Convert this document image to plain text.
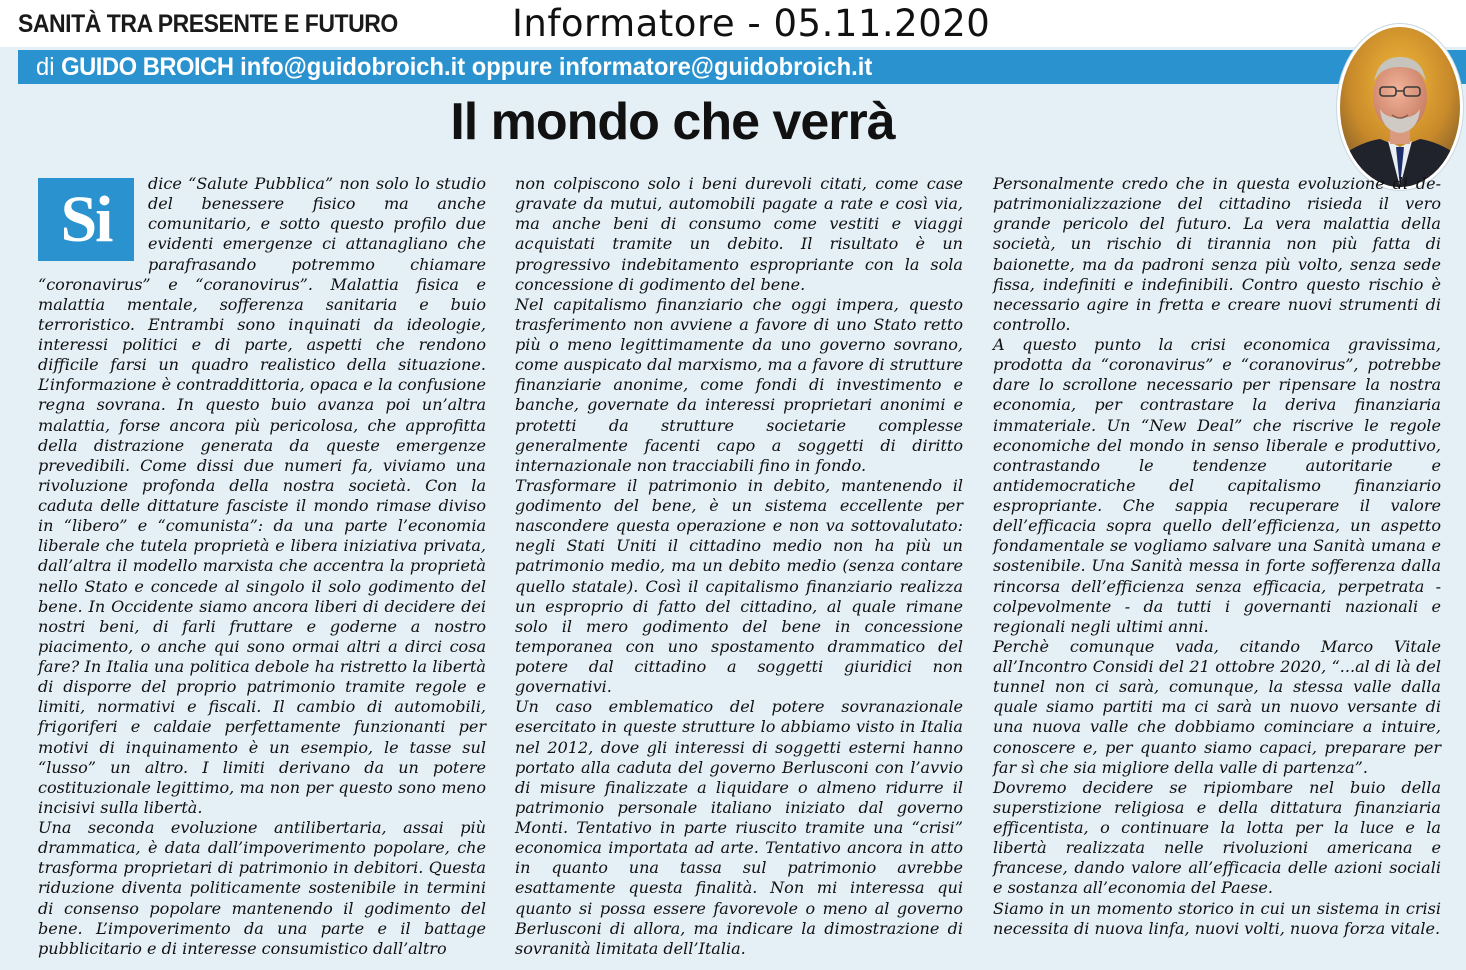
SANITÀ TRA PRESENTE E FUTURO	Informatore - 05.11.2020
di GUIDO BROICH info@guidobroich.it oppure informatore@guidobroich.it
Il mondo che verrà
Si	dice “Salute Pubblica” non solo lo studio del benessere fisico ma anche comunitario, e sotto questo profilo due evidenti emergenze ci attanagliano che parafrasando potremmo chiamare “coronavirus” e “coranovirus”. Malattia fisica e malattia mentale, sofferenza sanitaria e buio terroristico. Entrambi sono inquinati da ideologie, interessi politici e di parte, aspetti che rendono difficile farsi un quadro realistico della situazione. L’informazione è contraddittoria, opaca e la confusione regna sovrana. In questo buio avanza poi un’altra malattia, forse ancora più pericolosa, che approfitta della distrazione generata da queste emergenze prevedibili. Come dissi due numeri fa, viviamo una rivoluzione profonda della nostra società. Con la caduta delle dittature fasciste il mondo rimase diviso in “libero” e “comunista”: da una parte l’economia liberale che tutela proprietà e libera iniziativa privata, dall’altra il modello marxista che accentra la proprietà nello Stato e concede al singolo il solo godimento del bene. In Occidente siamo ancora liberi di decidere dei nostri beni, di farli fruttare e goderne a nostro piacimento, o anche qui sono ormai altri a dirci cosa fare? In Italia una politica debole ha ristretto la libertà di disporre del proprio patrimonio tramite regole e limiti, normativi e fiscali. Il cambio di automobili, frigoriferi e caldaie perfettamente funzionanti per motivi di inquinamento è un esempio, le tasse sul “lusso” un altro. I limiti derivano da un potere costituzionale legittimo, ma non per questo sono meno incisivi sulla libertà.

Una seconda evoluzione antilibertaria, assai più drammatica, è data dall’impoverimento popolare, che trasforma proprietari di patrimonio in debitori. Questa riduzione diventa politicamente sostenibile in termini di consenso popolare mantenendo il godimento del bene. L’impoverimento da una parte e il battage pubblicitario e di interesse consumistico dall’altro

non colpiscono solo i beni durevoli citati, come case gravate da mutui, automobili pagate a rate e così via, ma anche beni di consumo come vestiti e viaggi acquistati tramite un debito. Il risultato è un progressivo indebitamento espropriante con la sola concessione di godimento del bene.

Nel capitalismo finanziario che oggi impera, questo trasferimento non avviene a favore di uno Stato retto più o meno legittimamente da uno governo sovrano, come auspicato dal marxismo, ma a favore di strutture finanziarie anonime, come fondi di investimento e banche, governate da interessi proprietari anonimi e protetti da strutture societarie complesse generalmente facenti capo a soggetti di diritto internazionale non tracciabili fino in fondo.

Trasformare il patrimonio in debito, mantenendo il godimento del bene, è un sistema eccellente per nascondere questa operazione e non va sottovalutato: negli Stati Uniti il cittadino medio non ha più un patrimonio medio, ma un debito medio (senza contare quello statale). Così il capitalismo finanziario realizza un esproprio di fatto del cittadino, al quale rimane solo il mero godimento del bene in concessione temporanea con uno spostamento drammatico del potere dal cittadino a soggetti giuridici non governativi.

Un caso emblematico del potere sovranazionale esercitato in queste strutture lo abbiamo visto in Italia nel 2012, dove gli interessi di soggetti esterni hanno portato alla caduta del governo Berlusconi con l’avvio di misure finalizzate a liquidare o almeno ridurre il patrimonio personale italiano iniziato dal governo Monti. Tentativo in parte riuscito tramite una “crisi” economica importata ad arte. Tentativo ancora in atto in quanto una tassa sul patrimonio avrebbe esattamente questa finalità. Non mi interessa qui quanto si possa essere favorevole o meno al governo Berlusconi di allora, ma indicare la dimostrazione di sovranità limitata dell’Italia.

Personalmente credo che in questa evoluzione di de-patrimonializzazione del cittadino risieda il vero grande pericolo del futuro. La vera malattia della società, un rischio di tirannia non più fatta di baionette, ma da padroni senza più volto, senza sede fissa, indefiniti e indefinibili. Contro questo rischio è necessario agire in fretta e creare nuovi strumenti di controllo.

A questo punto la crisi economica gravissima, prodotta da “coronavirus” e “coranovirus”, potrebbe dare lo scrollone necessario per ripensare la nostra economia, per contrastare la deriva finanziaria immateriale. Un “New Deal” che riscrive le regole economiche del mondo in senso liberale e produttivo, contrastando le tendenze autoritarie e antidemocratiche del capitalismo finanziario espropriante. Che sappia recuperare il valore dell’efficacia sopra quello dell’efficienza, un aspetto fondamentale se vogliamo salvare una Sanità umana e sostenibile. Una Sanità messa in forte sofferenza dalla rincorsa dell’efficienza senza efficacia, perpetrata - colpevolmente - da tutti i governanti nazionali e regionali negli ultimi anni.

Perchè comunque vada, citando Marco Vitale all’Incontro Considi del 21 ottobre 2020, “...al di là del tunnel non ci sarà, comunque, la stessa valle dalla quale siamo partiti ma ci sarà un nuovo versante di una nuova valle che dobbiamo cominciare a intuire, conoscere e, per quanto siamo capaci, preparare per far sì che sia migliore della valle di partenza”.

Dovremo decidere se ripiombare nel buio della superstizione religiosa e della dittatura finanziaria efficentista, o continuare la lotta per la luce e la libertà realizzata nelle rivoluzioni americana e francese, dando valore all’efficacia delle azioni sociali e sostanza all’economia del Paese.

Siamo in un momento storico in cui un sistema in crisi necessita di nuova linfa, nuovi volti, nuova forza vitale.
